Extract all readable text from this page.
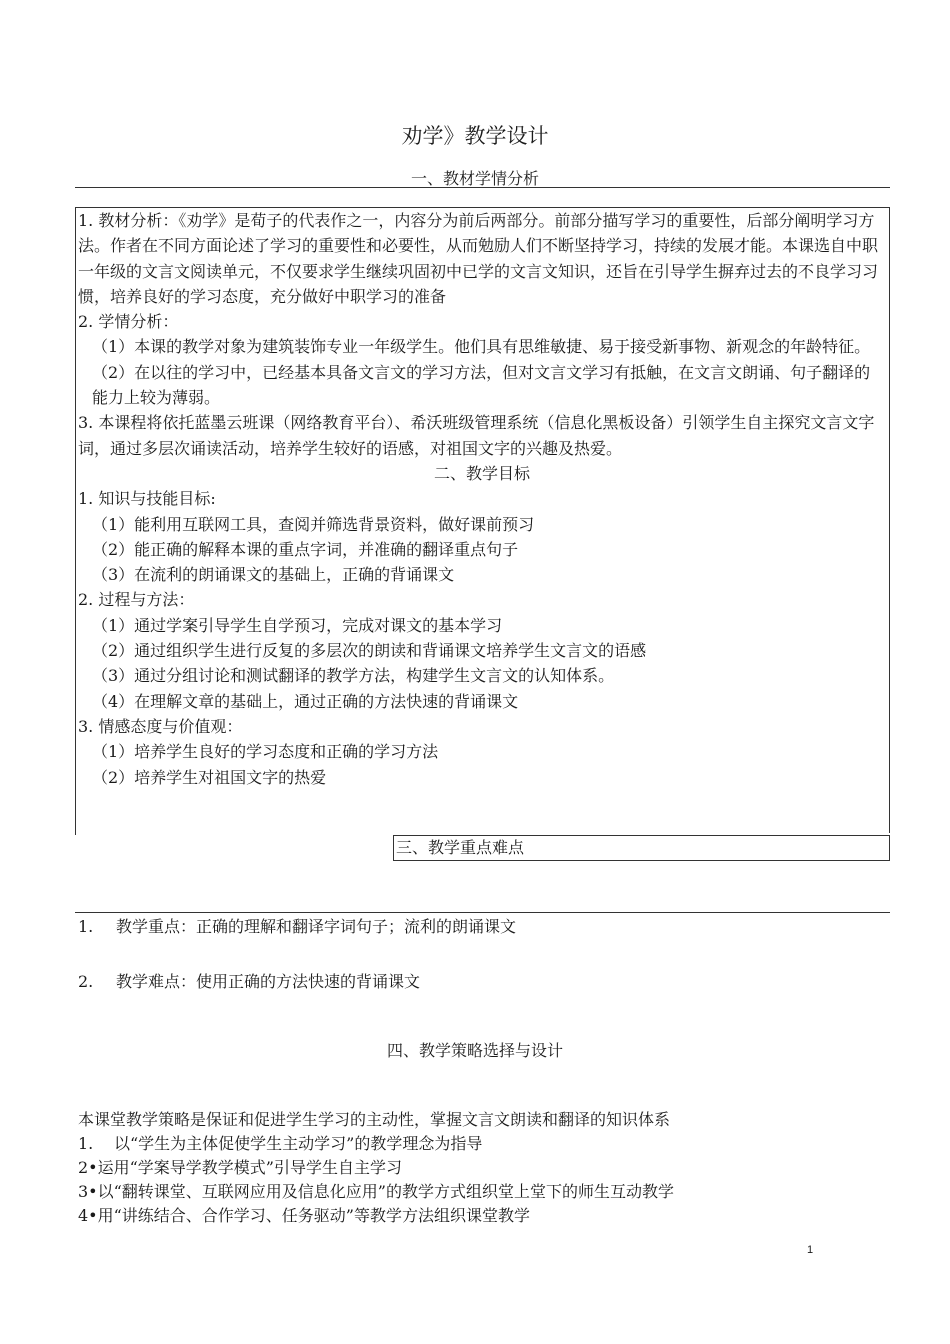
劝学》教学设计
一、教材学情分析

1. 教材分析：《劝学》是荀子的代表作之一，内容分为前后两部分。前部分描写学习的重要性，后部分阐明学习方法。作者在不同方面论述了学习的重要性和必要性，从而勉励人们不断坚持学习，持续的发展才能。本课选自中职一年级的文言文阅读单元，不仅要求学生继续巩固初中已学的文言文知识，还旨在引导学生摒弃过去的不良学习习惯，培养良好的学习态度，充分做好中职学习的准备

2. 学情分析：

（1）本课的教学对象为建筑装饰专业一年级学生。他们具有思维敏捷、易于接受新事物、新观念的年龄特征。

（2）在以往的学习中，已经基本具备文言文的学习方法，但对文言文学习有抵触，在文言文朗诵、句子翻译的能力上较为薄弱。

3. 本课程将依托蓝墨云班课（网络教育平台）、希沃班级管理系统（信息化黑板设备）引领学生自主探究文言文字词，通过多层次诵读活动，培养学生较好的语感，对祖国文字的兴趣及热爱。

二、教学目标

1. 知识与技能目标:

（1）能利用互联网工具，查阅并筛选背景资料，做好课前预习

（2）能正确的解释本课的重点字词，并准确的翻译重点句子

（3）在流利的朗诵课文的基础上，正确的背诵课文

2. 过程与方法：

（1）通过学案引导学生自学预习，完成对课文的基本学习

（2）通过组织学生进行反复的多层次的朗读和背诵课文培养学生文言文的语感

（3）通过分组讨论和测试翻译的教学方法，构建学生文言文的认知体系。

（4）在理解文章的基础上，通过正确的方法快速的背诵课文

3. 情感态度与价值观：

（1）培养学生良好的学习态度和正确的学习方法

（2）培养学生对祖国文字的热爱

三、教学重点难点
1. 教学重点：正确的理解和翻译字词句子；流利的朗诵课文
2. 教学难点：使用正确的方法快速的背诵课文
四、教学策略选择与设计

本课堂教学策略是保证和促进学生学习的主动性，掌握文言文朗读和翻译的知识体系

1. 以“学生为主体促使学生主动学习”的教学理念为指导

2•运用“学案导学教学模式”引导学生自主学习

3•以“翻转课堂、互联网应用及信息化应用”的教学方式组织堂上堂下的师生互动教学

4•用“讲练结合、合作学习、任务驱动”等教学方法组织课堂教学

1
